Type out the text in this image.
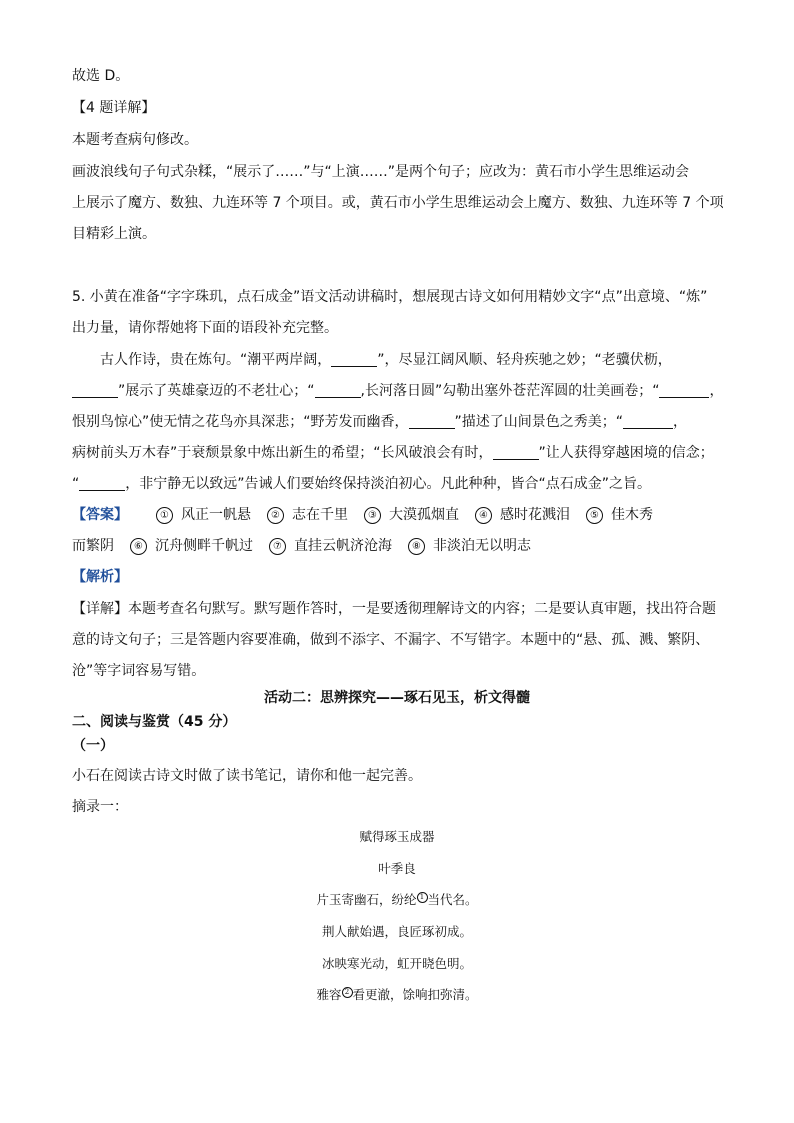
故选 D。
【4 题详解】
本题考查病句修改。
画波浪线句子句式杂糅，“展示了……”与“上演……”是两个句子；应改为：黄石市小学生思维运动会
上展示了魔方、数独、九连环等 7 个项目。或，黄石市小学生思维运动会上魔方、数独、九连环等 7 个项
目精彩上演。
5. 小黄在准备“字字珠玑，点石成金”语文活动讲稿时，想展现古诗文如何用精妙文字“点”出意境、“炼”
出力量，请你帮她将下面的语段补充完整。
古人作诗，贵在炼句。“潮平两岸阔，	”，尽显江阔风顺、轻舟疾驰之妙；“老骥伏枥，
”展示了英雄豪迈的不老壮心；“	,长河落日圆”勾勒出塞外苍茫浑圆的壮美画卷；“	，
恨别鸟惊心”使无情之花鸟亦具深悲；“野芳发而幽香，	”描述了山间景色之秀美；“	，
病树前头万木春”于衰颓景象中炼出新生的希望；“长风破浪会有时，	”让人获得穿越困境的信念；
“	，非宁静无以致远”告诫人们要始终保持淡泊初心。凡此种种，皆合“点石成金”之旨。
【答案】	① 风正一帆悬 ② 志在千里 ③ 大漠孤烟直 ④ 感时花溅泪 ⑤ 佳木秀
而繁阴 ⑥ 沉舟侧畔千帆过 ⑦ 直挂云帆济沧海 ⑧ 非淡泊无以明志
【解析】
【详解】本题考查名句默写。默写题作答时，一是要透彻理解诗文的内容；二是要认真审题，找出符合题
意的诗文句子；三是答题内容要准确，做到不添字、不漏字、不写错字。本题中的“悬、孤、溅、繁阴、
沧”等字词容易写错。
活动二：思辨探究——琢石见玉，析文得髓
二、阅读与鉴赏（45 分）
（一）
小石在阅读古诗文时做了读书笔记，请你和他一起完善。
摘录一：
赋得琢玉成器
叶季良
片玉寄幽石，纷纶 1 当代名。
荆人献始遇，良匠琢初成。
冰映寒光动，虹开晓色明。
雅容 2 看更澈，馀响扣弥清。
